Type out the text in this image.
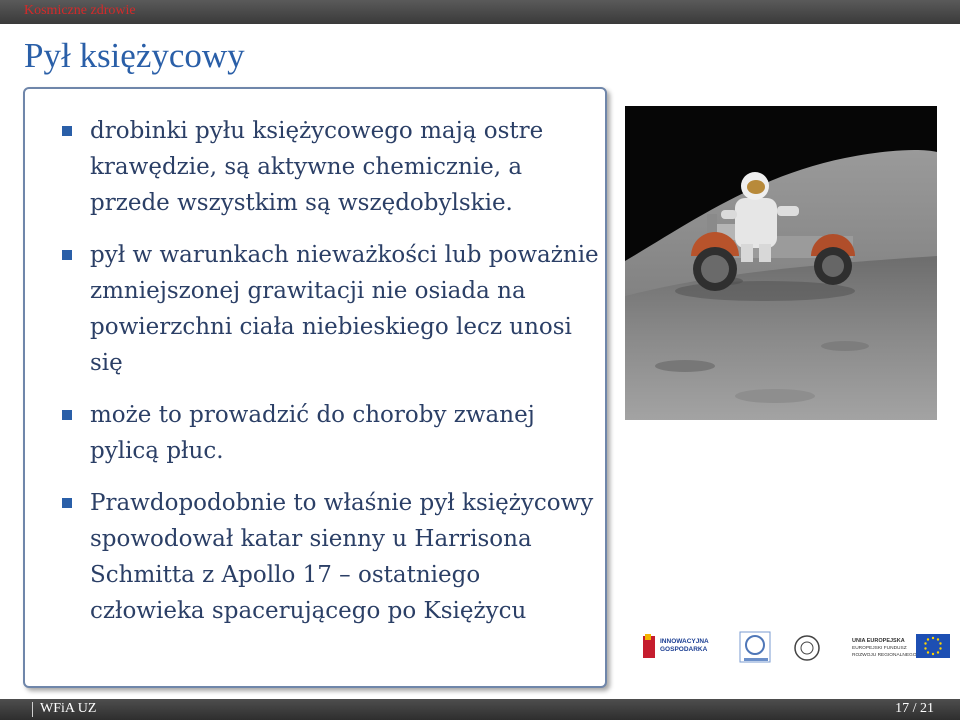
Kosmiczne zdrowie
Pył księżycowy
drobinki pyłu księżycowego mają ostre krawędzie, są aktywne chemicznie, a przede wszystkim są wszędobylskie.
pył w warunkach nieważkości lub poważnie zmniejszonej grawitacji nie osiada na powierzchni ciała niebieskiego lecz unosi się
może to prowadzić do choroby zwanej pylicą płuc.
Prawdopodobnie to właśnie pył księżycowy spowodował katar sienny u Harrisona Schmitta z Apollo 17 – ostatniego człowieka spacerującego po Księżycu
INNOWACYJNA
GOSPODARKA
UNIA EUROPEJSKA
EUROPEJSKI FUNDUSZ
ROZWOJU REGIONALNEGO
WFiA UZ	17 / 21
